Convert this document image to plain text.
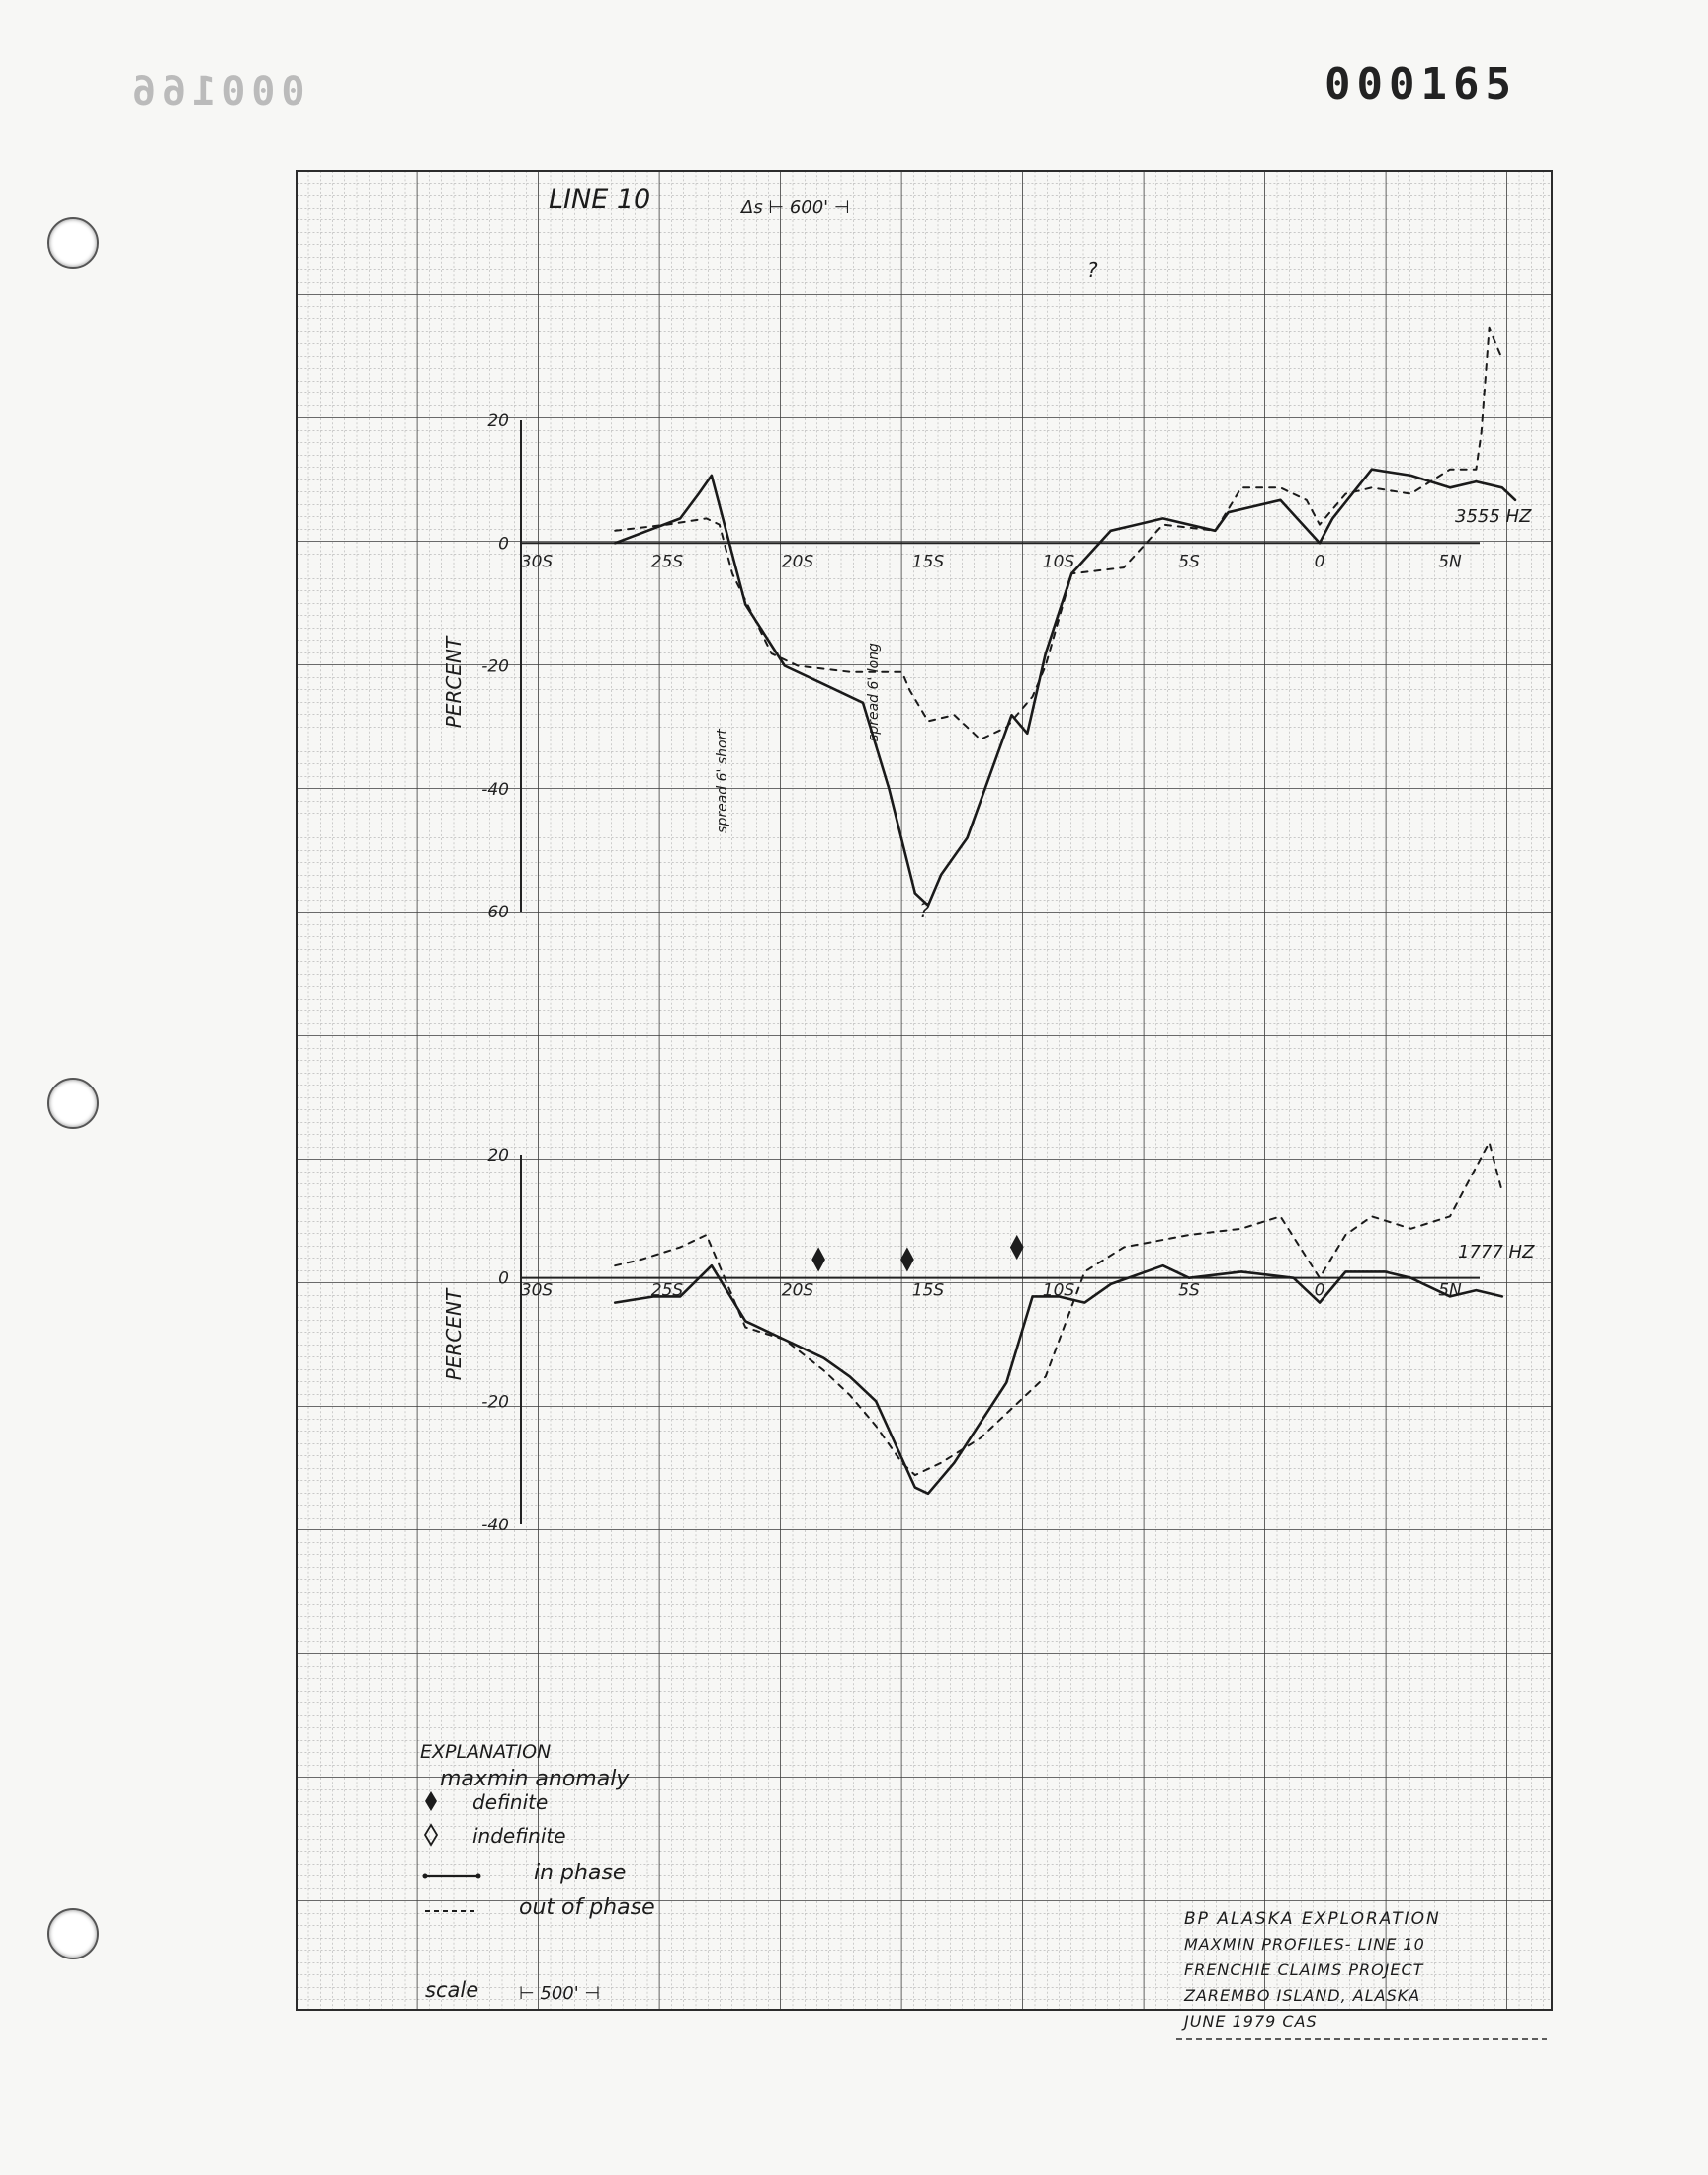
000166	000165
LINE 10	Δs ⊢ 600' ⊣
3555 HZ
PERCENT
spread 6' short
spread 6' long
?
?
20
0
-20
-40
-60
30S	25S	20S	15S	10S	5S	0	5N
1777 HZ
PERCENT
20
0
-20
-40
30S	25S	20S	15S	10S	5S	0	5N
EXPLANATION
maxmin anomaly
definite
indefinite
in phase
out of phase
scale ⊢ 500' ⊣
BP ALASKA EXPLORATION
MAXMIN PROFILES- LINE 10
FRENCHIE CLAIMS PROJECT
ZAREMBO ISLAND, ALASKA
JUNE 1979 CAS
